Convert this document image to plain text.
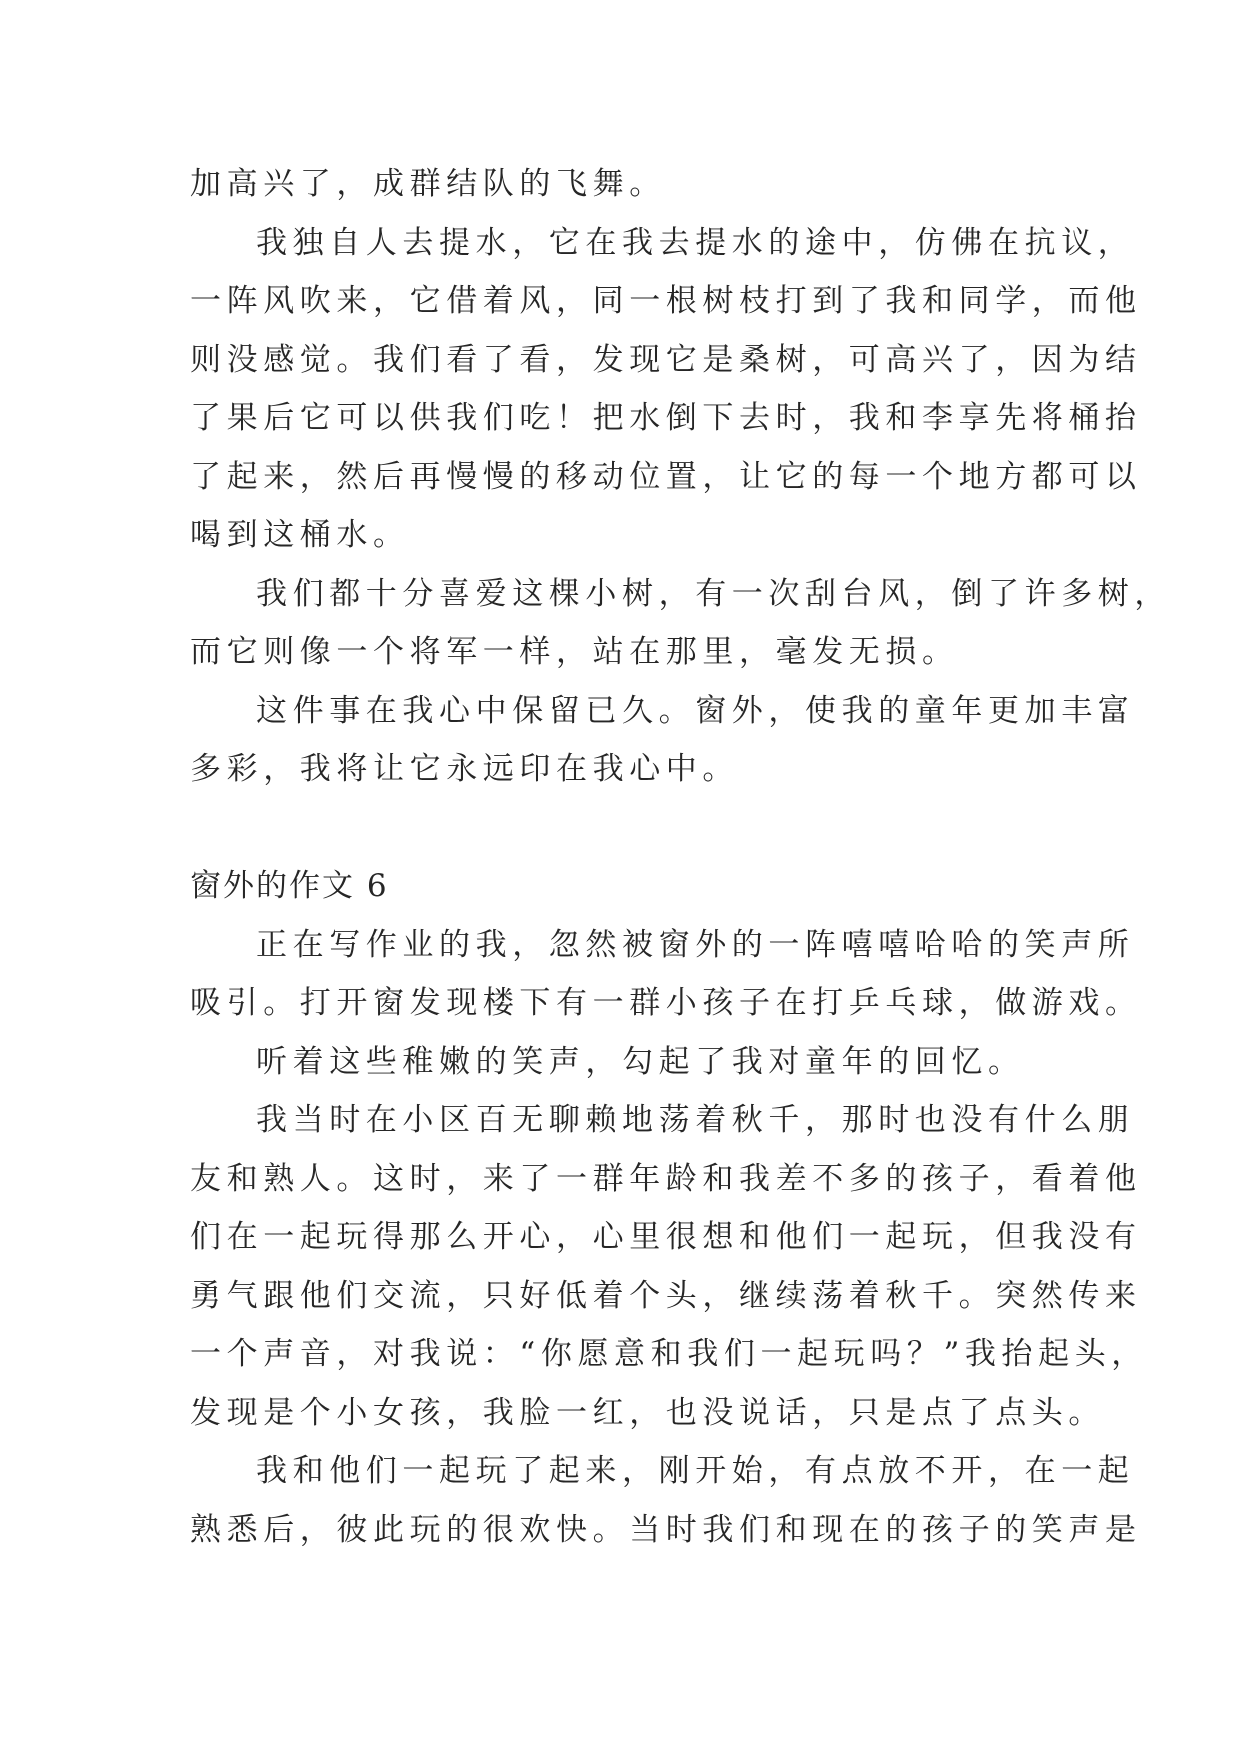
加高兴了，成群结队的飞舞。
我独自人去提水，它在我去提水的途中，仿佛在抗议，
一阵风吹来，它借着风，同一根树枝打到了我和同学，而他
则没感觉。我们看了看，发现它是桑树，可高兴了，因为结
了果后它可以供我们吃！把水倒下去时，我和李享先将桶抬
了起来，然后再慢慢的移动位置，让它的每一个地方都可以
喝到这桶水。
我们都十分喜爱这棵小树，有一次刮台风，倒了许多树，
而它则像一个将军一样，站在那里，毫发无损。
这件事在我心中保留已久。窗外，使我的童年更加丰富
多彩，我将让它永远印在我心中。
窗外的作文 6
正在写作业的我，忽然被窗外的一阵嘻嘻哈哈的笑声所
吸引。打开窗发现楼下有一群小孩子在打乒乓球，做游戏。
听着这些稚嫩的笑声，勾起了我对童年的回忆。
我当时在小区百无聊赖地荡着秋千，那时也没有什么朋
友和熟人。这时，来了一群年龄和我差不多的孩子，看着他
们在一起玩得那么开心，心里很想和他们一起玩，但我没有
勇气跟他们交流，只好低着个头，继续荡着秋千。突然传来
一个声音，对我说：“你愿意和我们一起玩吗？”我抬起头，
发现是个小女孩，我脸一红，也没说话，只是点了点头。
我和他们一起玩了起来，刚开始，有点放不开，在一起
熟悉后，彼此玩的很欢快。当时我们和现在的孩子的笑声是
